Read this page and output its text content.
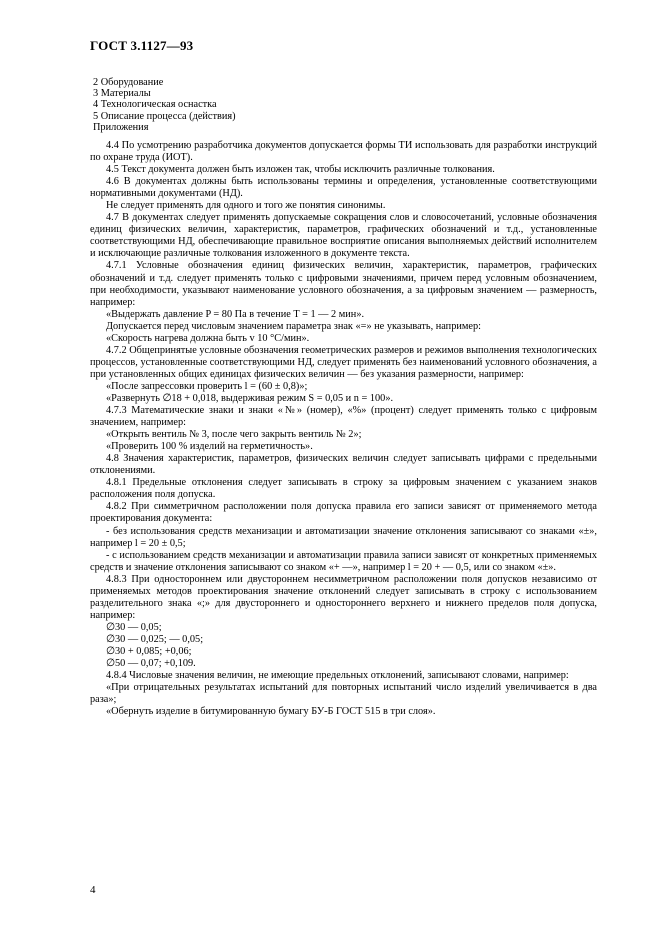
ГОСТ 3.1127—93
2 Оборудование
3 Материалы
4 Технологическая оснастка
5 Описание процесса (действия)
Приложения

4.4 По усмотрению разработчика документов допускается формы ТИ использовать для разработки инструкций по охране труда (ИОТ).

4.5 Текст документа должен быть изложен так, чтобы исключить различные толкования.

4.6 В документах должны быть использованы термины и определения, установленные соответствующими нормативными документами (НД).

Не следует применять для одного и того же понятия синонимы.

4.7 В документах следует применять допускаемые сокращения слов и словосочетаний, условные обозначения единиц физических величин, характеристик, параметров, графических обозначений и т.д., установленные соответствующими НД, обеспечивающие правильное восприятие описания выполняемых действий исполнителем и исключающие различные толкования изложенного в документе текста.

4.7.1 Условные обозначения единиц физических величин, характеристик, параметров, графических обозначений и т.д. следует применять только с цифровыми значениями, причем перед условным обозначением, при необходимости, указывают наименование условного обозначения, а за цифровым значением — размерность, например:

«Выдержать давление P = 80 Па в течение T = 1 — 2 мин».

Допускается перед числовым значением параметра знак «=» не указывать, например:

«Скорость нагрева должна быть v 10 °С/мин».

4.7.2 Общепринятые условные обозначения геометрических размеров и режимов выполнения технологических процессов, установленные соответствующими НД, следует применять без наименований условного обозначения, а при установленных общих единицах физических величин — без указания размерности, например:

«После запрессовки проверить l = (60 ± 0,8)»;

«Развернуть ∅18 + 0,018, выдерживая режим S = 0,05 и n = 100».

4.7.3 Математические знаки и знаки «№» (номер), «%» (процент) следует применять только с цифровым значением, например:

«Открыть вентиль № 3, после чего закрыть вентиль № 2»;

«Проверить 100 % изделий на герметичность».

4.8 Значения характеристик, параметров, физических величин следует записывать цифрами с предельными отклонениями.

4.8.1 Предельные отклонения следует записывать в строку за цифровым значением с указанием знаков расположения поля допуска.

4.8.2 При симметричном расположении поля допуска правила его записи зависят от применяемого метода проектирования документа:

- без использования средств механизации и автоматизации значение отклонения записывают со знаками «±», например l = 20 ± 0,5;

- с использованием средств механизации и автоматизации правила записи зависят от конкретных применяемых средств и значение отклонения записывают со знаком «+ —», например l = 20 + — 0,5, или со знаком «±».

4.8.3 При одностороннем или двустороннем несимметричном расположении поля допусков независимо от применяемых методов проектирования значение отклонений следует записывать в строку с использованием разделительного знака «;» для двустороннего и одностороннего верхнего и нижнего пределов поля допуска, например:

∅30 — 0,05;

∅30 — 0,025; — 0,05;

∅30 + 0,085; +0,06;

∅50 — 0,07; +0,109.

4.8.4 Числовые значения величин, не имеющие предельных отклонений, записывают словами, например:

«При отрицательных результатах испытаний для повторных испытаний число изделий увеличивается в два раза»;

«Обернуть изделие в битумированную бумагу БУ-Б ГОСТ 515 в три слоя».

4
